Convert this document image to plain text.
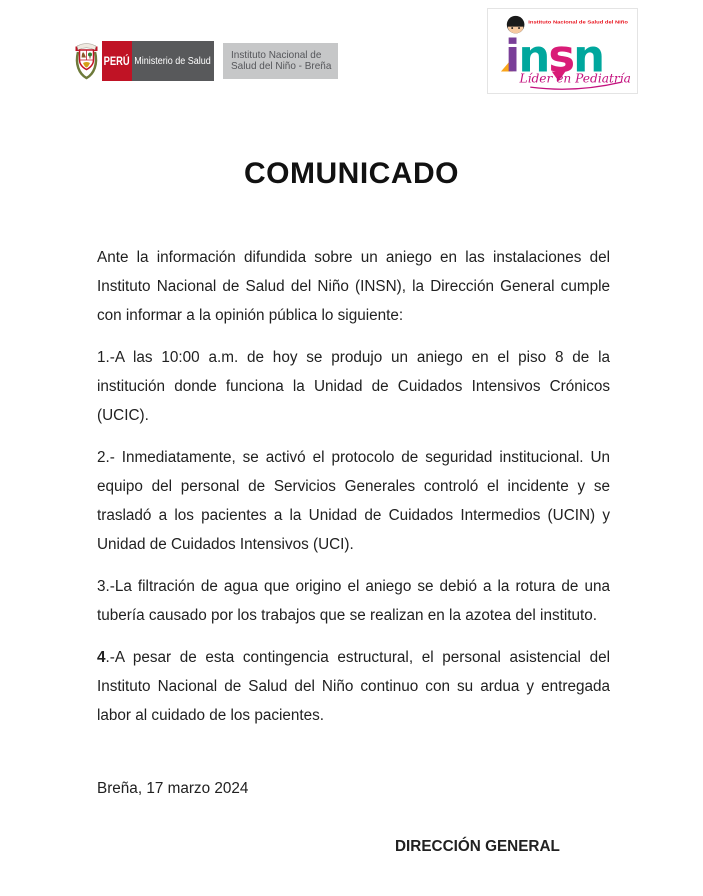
PERÚ Ministerio de Salud
Instituto Nacional de
Salud del Niño - Breña
Instituto Nacional de Salud del Niño
insn
Líder en Pediatría
COMUNICADO

Ante la información difundida sobre un aniego en las instalaciones del Instituto Nacional de Salud del Niño (INSN), la Dirección General cumple con informar a la opinión pública lo siguiente:

1.-A las 10:00 a.m. de hoy se produjo un aniego en el piso 8 de la institución donde funciona la Unidad de Cuidados Intensivos Crónicos (UCIC).

2.- Inmediatamente, se activó el protocolo de seguridad institucional. Un equipo del personal de Servicios Generales controló el incidente y se trasladó a los pacientes a la Unidad de Cuidados Intermedios (UCIN) y Unidad de Cuidados Intensivos (UCI).

3.-La filtración de agua que origino el aniego se debió a la rotura de una tubería causado por los trabajos que se realizan en la azotea del instituto.

4.-A pesar de esta contingencia estructural, el personal asistencial del Instituto Nacional de Salud del Niño continuo con su ardua y entregada labor al cuidado de los pacientes.

Breña, 17 marzo 2024

DIRECCIÓN GENERAL
